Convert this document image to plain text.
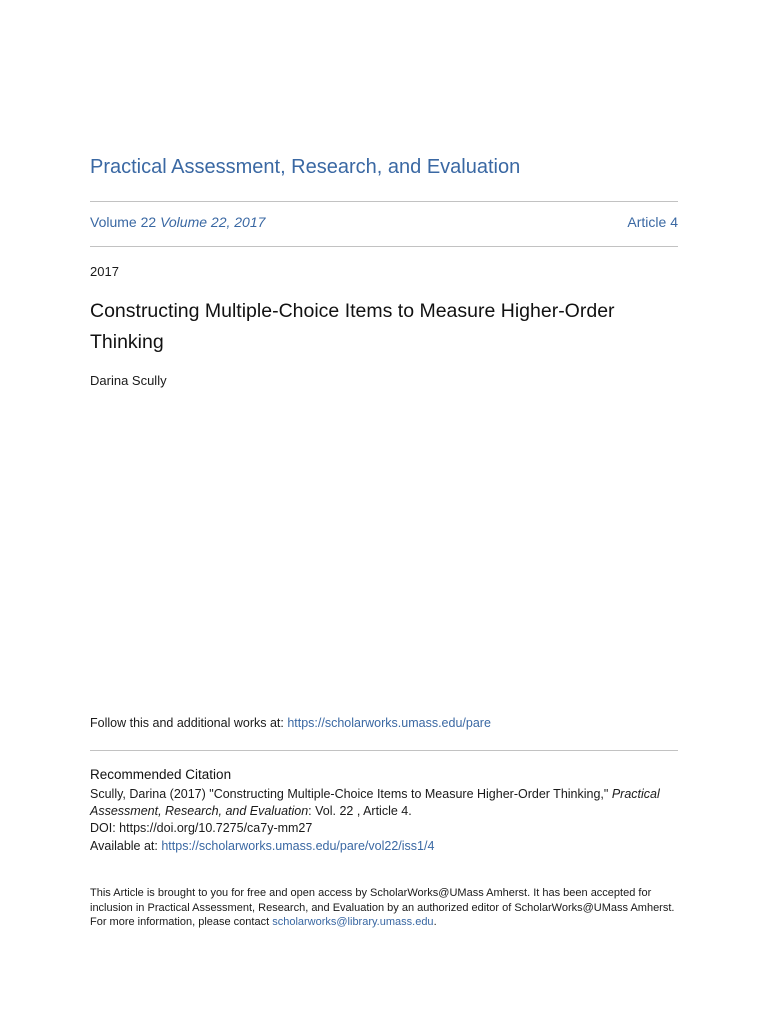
Practical Assessment, Research, and Evaluation
Volume 22 Volume 22, 2017	Article 4
2017
Constructing Multiple-Choice Items to Measure Higher-Order Thinking
Darina Scully
Follow this and additional works at: https://scholarworks.umass.edu/pare
Recommended Citation
Scully, Darina (2017) "Constructing Multiple-Choice Items to Measure Higher-Order Thinking," Practical
Assessment, Research, and Evaluation: Vol. 22 , Article 4.
DOI: https://doi.org/10.7275/ca7y-mm27
Available at: https://scholarworks.umass.edu/pare/vol22/iss1/4
This Article is brought to you for free and open access by ScholarWorks@UMass Amherst. It has been accepted for inclusion in Practical Assessment, Research, and Evaluation by an authorized editor of ScholarWorks@UMass Amherst. For more information, please contact scholarworks@library.umass.edu.
